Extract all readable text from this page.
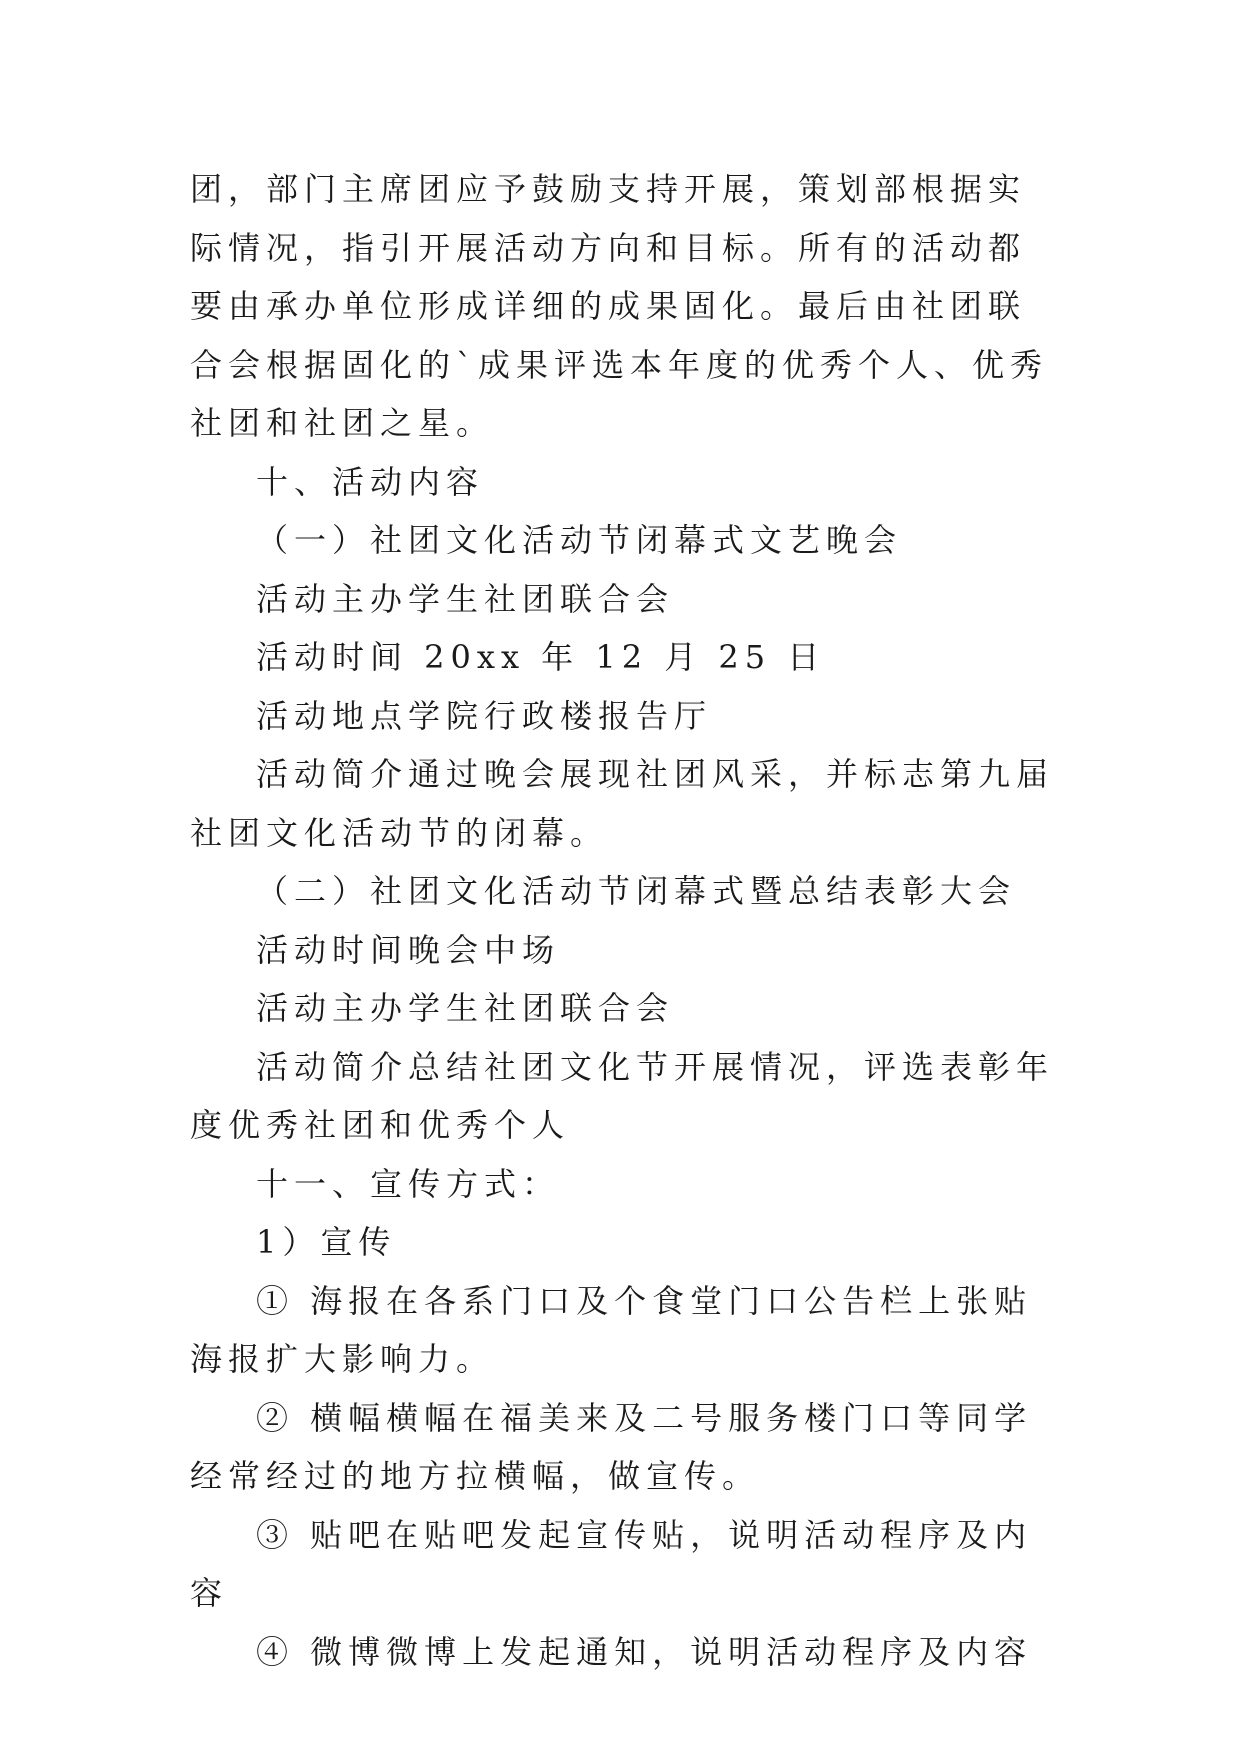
团，部门主席团应予鼓励支持开展，策划部根据实际情况，指引开展活动方向和目标。所有的活动都要由承办单位形成详细的成果固化。最后由社团联合会根据固化的`成果评选本年度的优秀个人、优秀社团和社团之星。

十、活动内容

（一）社团文化活动节闭幕式文艺晚会

活动主办学生社团联合会

活动时间 20xx 年 12 月 25 日

活动地点学院行政楼报告厅

活动简介通过晚会展现社团风采，并标志第九届社团文化活动节的闭幕。

（二）社团文化活动节闭幕式暨总结表彰大会

活动时间晚会中场

活动主办学生社团联合会

活动简介总结社团文化节开展情况，评选表彰年度优秀社团和优秀个人

十一、宣传方式：

1）宣传

① 海报在各系门口及个食堂门口公告栏上张贴海报扩大影响力。

② 横幅横幅在福美来及二号服务楼门口等同学经常经过的地方拉横幅，做宣传。

③ 贴吧在贴吧发起宣传贴，说明活动程序及内容

④ 微博微博上发起通知，说明活动程序及内容
